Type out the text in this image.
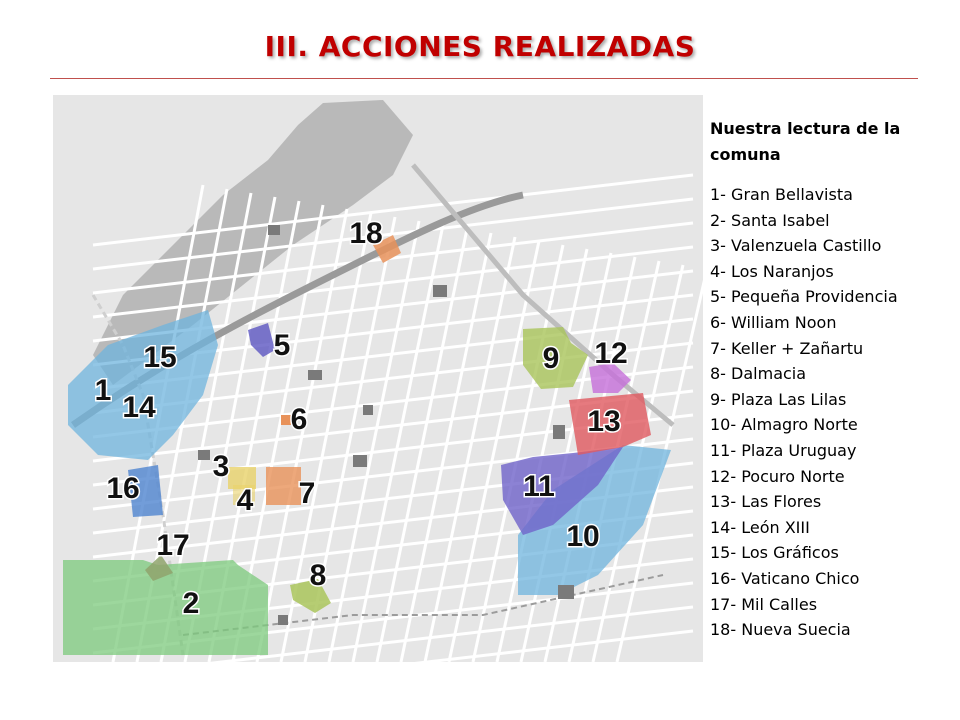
III. ACCIONES REALIZADAS
1
2
3
4
5
6
7
8
9
10
11
12
13
14
15
16
17
18
Nuestra lectura de la comuna
1- Gran Bellavista
2- Santa Isabel
3- Valenzuela Castillo
4- Los Naranjos
5- Pequeña Providencia
6- William Noon
7- Keller + Zañartu
8- Dalmacia
9- Plaza Las Lilas
10- Almagro Norte
11- Plaza Uruguay
12- Pocuro Norte
13- Las Flores
14- León XIII
15- Los Gráficos
16- Vaticano Chico
17- Mil Calles
18- Nueva Suecia
